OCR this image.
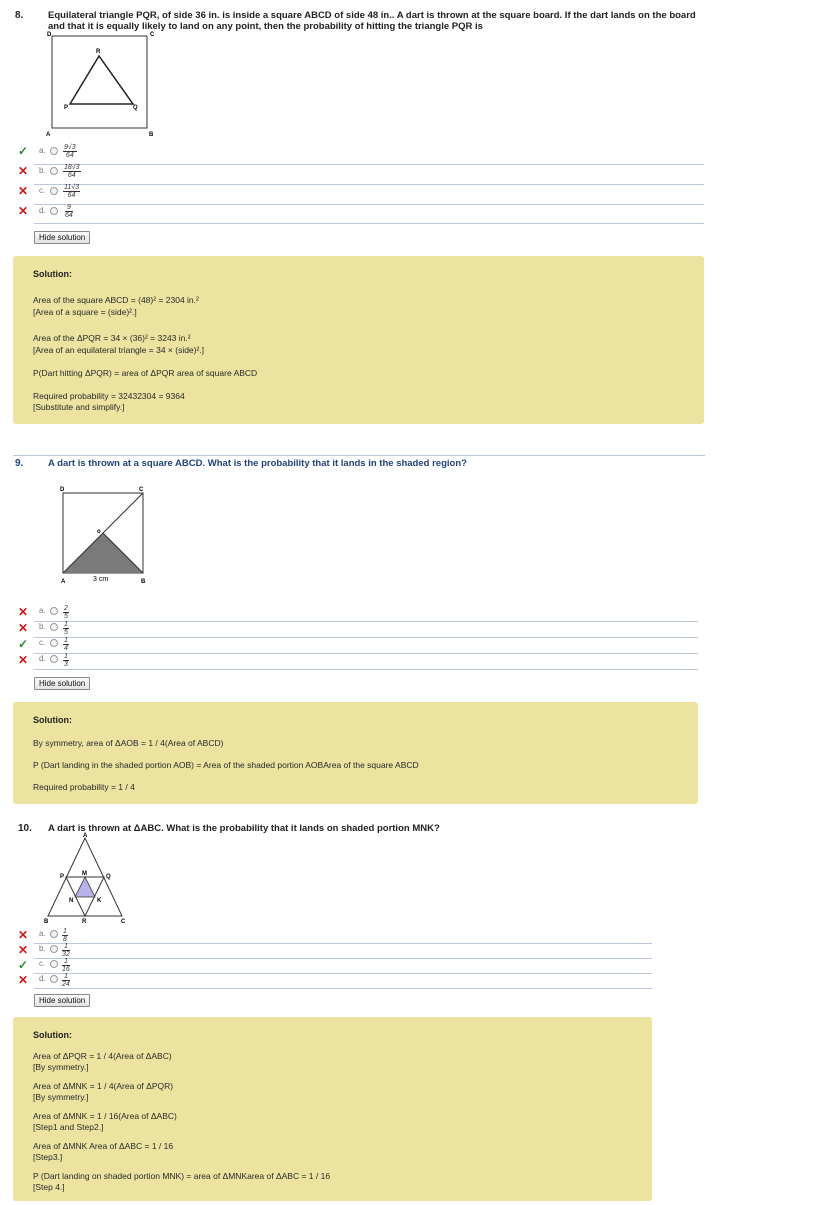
8.	Equilateral triangle PQR, of side 36 in. is inside a square ABCD of side 48 in.. A dart is thrown at the square board. If the dart lands on the board
and that it is equally likely to land on any point, then the probability of hitting the triangle PQR is
D	C
A	B
R
P	Q
✓ a. $\frac{9√3}{64}$
✕ b. $\frac{18√3}{64}$
✕ c.	$\frac{11√3}{64}$
✕ d.	$\frac{9}{64}$
Hide solution
Solution:
Area of the square ABCD = (48)² = 2304 in.²
[Area of a square = (side)².]
Area of the ΔPQR = 34 × (36)² = 3243 in.²
[Area of an equilateral triangle = 34 × (side)².]
P(Dart hitting ΔPQR) = area of ΔPQR area of square ABCD
Required probability = 32432304 = 9364
[Substitute and simplify.]
9.	A dart is thrown at a square ABCD. What is the probability that it lands in the shaded region?
D	C
A	B
o
3 cm
✕ a. $\frac{2}{5}$
✕ b. $\frac{1}{5}$
✓ c.	$\frac{1}{4}$
✕ d. $\frac{1}{3}$
Hide solution
Solution:
By symmetry, area of ΔAOB = 1 / 4(Area of ABCD)
P (Dart landing in the shaded portion AOB) = Area of the shaded portion AOBArea of the square ABCD
Required probability = 1 / 4
10. A dart is thrown at ΔABC. What is the probability that it lands on shaded portion MNK?
A
B	C
P	Q
R
M
N	K
✕ a. $\frac{1}{8}$
✕ b. $\frac{1}{32}$
✓ c. $\frac{1}{16}$
✕ d. $\frac{1}{24}$
Hide solution
Solution:
Area of ΔPQR = 1 / 4(Area of ΔABC)
[By symmetry.]
Area of ΔMNK = 1 / 4(Area of ΔPQR)
[By symmetry.]
Area of ΔMNK = 1 / 16(Area of ΔABC)
[Step1 and Step2.]
Area of ΔMNK Area of ΔABC = 1 / 16
[Step3.]
P (Dart landing on shaded portion MNK) = area of ΔMNKarea of ΔABC = 1 / 16
[Step 4.]
